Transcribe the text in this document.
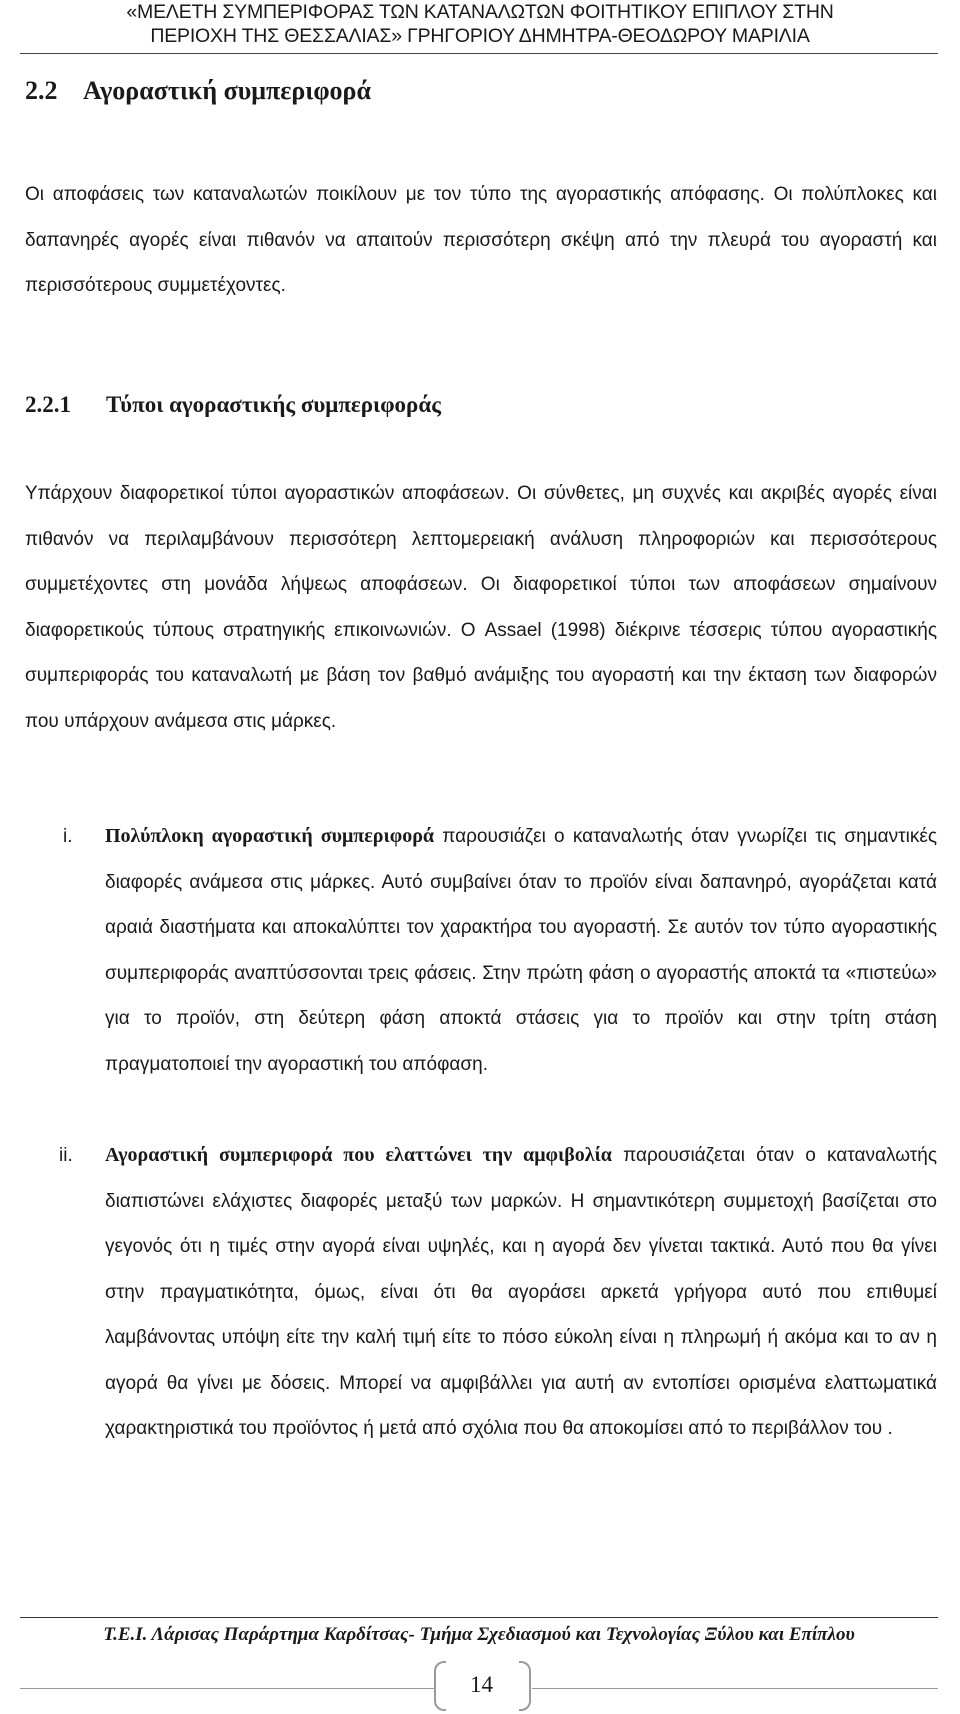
«ΜΕΛΕΤΗ ΣΥΜΠΕΡΙΦΟΡΑΣ ΤΩΝ ΚΑΤΑΝΑΛΩΤΩΝ ΦΟΙΤΗΤΙΚΟΥ ΕΠΙΠΛΟΥ ΣΤΗΝ
ΠΕΡΙΟΧΗ ΤΗΣ ΘΕΣΣΑΛΙΑΣ» ΓΡΗΓΟΡΙΟΥ ΔΗΜΗΤΡΑ-ΘΕΟΔΩΡΟΥ ΜΑΡΙΛΙΑ
2.2 Αγοραστική συμπεριφορά

Οι αποφάσεις των καταναλωτών ποικίλουν με τον τύπο της αγοραστικής απόφασης. Οι πολύπλοκες και δαπανηρές αγορές είναι πιθανόν να απαιτούν περισσότερη σκέψη από την πλευρά του αγοραστή και περισσότερους συμμετέχοντες.

2.2.1 Τύποι αγοραστικής συμπεριφοράς

Υπάρχουν διαφορετικοί τύποι αγοραστικών αποφάσεων. Οι σύνθετες, μη συχνές και ακριβές αγορές είναι πιθανόν να περιλαμβάνουν περισσότερη λεπτομερειακή ανάλυση πληροφοριών και περισσότερους συμμετέχοντες στη μονάδα λήψεως αποφάσεων. Οι διαφορετικοί τύποι των αποφάσεων σημαίνουν διαφορετικούς τύπους στρατηγικής επικοινωνιών. Ο Assael (1998) διέκρινε τέσσερις τύπου αγοραστικής συμπεριφοράς του καταναλωτή με βάση τον βαθμό ανάμιξης του αγοραστή και την έκταση των διαφορών που υπάρχουν ανάμεσα στις μάρκες.

i.	Πολύπλοκη αγοραστική συμπεριφορά παρουσιάζει ο καταναλωτής όταν γνωρίζει τις σημαντικές διαφορές ανάμεσα στις μάρκες. Αυτό συμβαίνει όταν το προϊόν είναι δαπανηρό, αγοράζεται κατά αραιά διαστήματα και αποκαλύπτει τον χαρακτήρα του αγοραστή. Σε αυτόν τον τύπο αγοραστικής συμπεριφοράς αναπτύσσονται τρεις φάσεις. Στην πρώτη φάση ο αγοραστής αποκτά τα «πιστεύω» για το προϊόν, στη δεύτερη φάση αποκτά στάσεις για το προϊόν και στην τρίτη στάση πραγματοποιεί την αγοραστική του απόφαση.

ii.	Αγοραστική συμπεριφορά που ελαττώνει την αμφιβολία παρουσιάζεται όταν ο καταναλωτής διαπιστώνει ελάχιστες διαφορές μεταξύ των μαρκών. Η σημαντικότερη συμμετοχή βασίζεται στο γεγονός ότι η τιμές στην αγορά είναι υψηλές, και η αγορά δεν γίνεται τακτικά. Αυτό που θα γίνει στην πραγματικότητα, όμως, είναι ότι θα αγοράσει αρκετά γρήγορα αυτό που επιθυμεί λαμβάνοντας υπόψη είτε την καλή τιμή είτε το πόσο εύκολη είναι η πληρωμή ή ακόμα και το αν η αγορά θα γίνει με δόσεις. Μπορεί να αμφιβάλλει για αυτή αν εντοπίσει ορισμένα ελαττωματικά χαρακτηριστικά του προϊόντος ή μετά από σχόλια που θα αποκομίσει από το περιβάλλον του .

Τ.Ε.Ι. Λάρισας Παράρτημα Καρδίτσας- Τμήμα Σχεδιασμού και Τεχνολογίας Ξύλου και Επίπλου
14
